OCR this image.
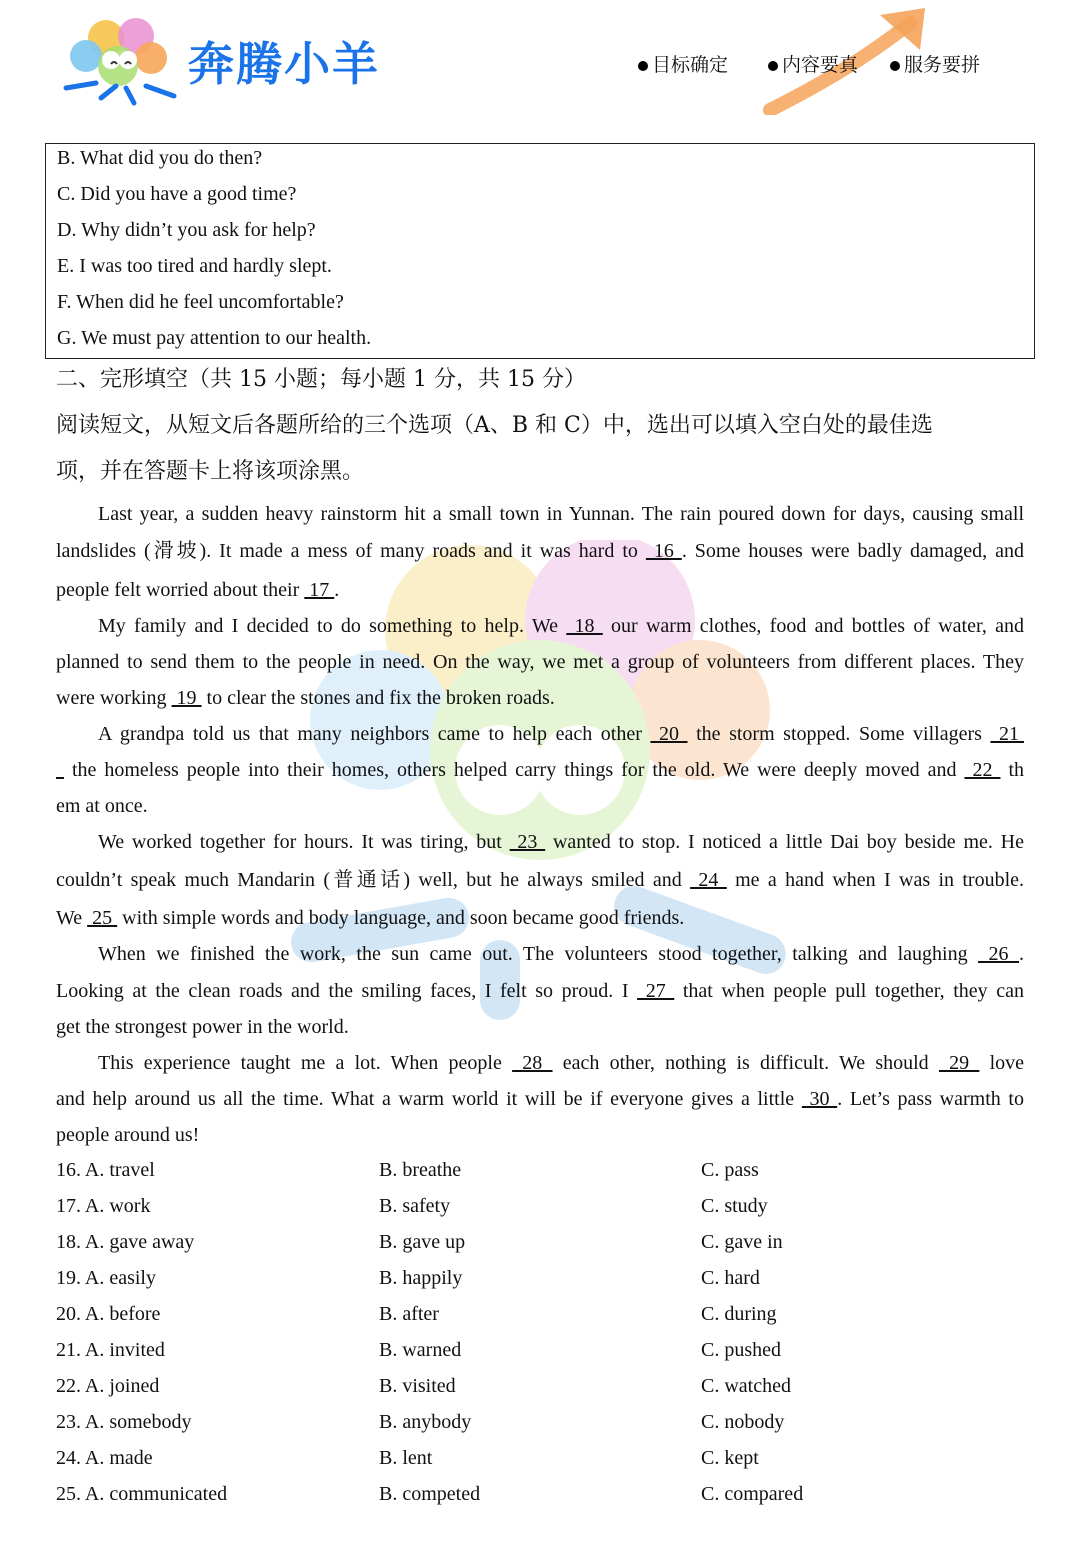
奔腾小羊	目标确定	内容要真	服务要拼
B. What did you do then?
C. Did you have a good time?
D. Why didn’t you ask for help?
E. I was too tired and hardly slept.
F. When did he feel uncomfortable?
G. We must pay attention to our health.
二、完形填空（共 15 小题；每小题 1 分，共 15 分）
阅读短文，从短文后各题所给的三个选项（A、B 和 C）中，选出可以填入空白处的最佳选
项，并在答题卡上将该项涂黑。
Last year, a sudden heavy rainstorm hit a small town in Yunnan. The rain poured down for days, causing small
landslides (滑坡). It made a mess of many roads and it was hard to  16 . Some houses were badly damaged, and
people felt worried about their  17 .
My family and I decided to do something to help. We  18  our warm clothes, food and bottles of water, and
planned to send them to the people in need. On the way, we met a group of volunteers from different places. They
were working  19  to clear the stones and fix the broken roads.
A grandpa told us that many neighbors came to help each other  20  the storm stopped. Some villagers  21
the homeless people into their homes, others helped carry things for the old. We were deeply moved and  22  th
em at once.
We worked together for hours. It was tiring, but  23  wanted to stop. I noticed a little Dai boy beside me. He
couldn’t speak much Mandarin (普通话) well, but he always smiled and  24  me a hand when I was in trouble.
We  25  with simple words and body language, and soon became good friends.
When we finished the work, the sun came out. The volunteers stood together, talking and laughing  26 .
Looking at the clean roads and the smiling faces, I felt so proud. I  27  that when people pull together, they can
get the strongest power in the world.
This experience taught me a lot. When people  28  each other, nothing is difficult. We should  29  love
and help around us all the time. What a warm world it will be if everyone gives a little  30 . Let’s pass warmth to
people around us!
16. A. travel	B. breathe	C. pass
17. A. work	B. safety	C. study
18. A. gave away	B. gave up	C. gave in
19. A. easily	B. happily	C. hard
20. A. before	B. after	C. during
21. A. invited	B. warned	C. pushed
22. A. joined	B. visited	C. watched
23. A. somebody	B. anybody	C. nobody
24. A. made	B. lent	C. kept
25. A. communicated	B. competed	C. compared
